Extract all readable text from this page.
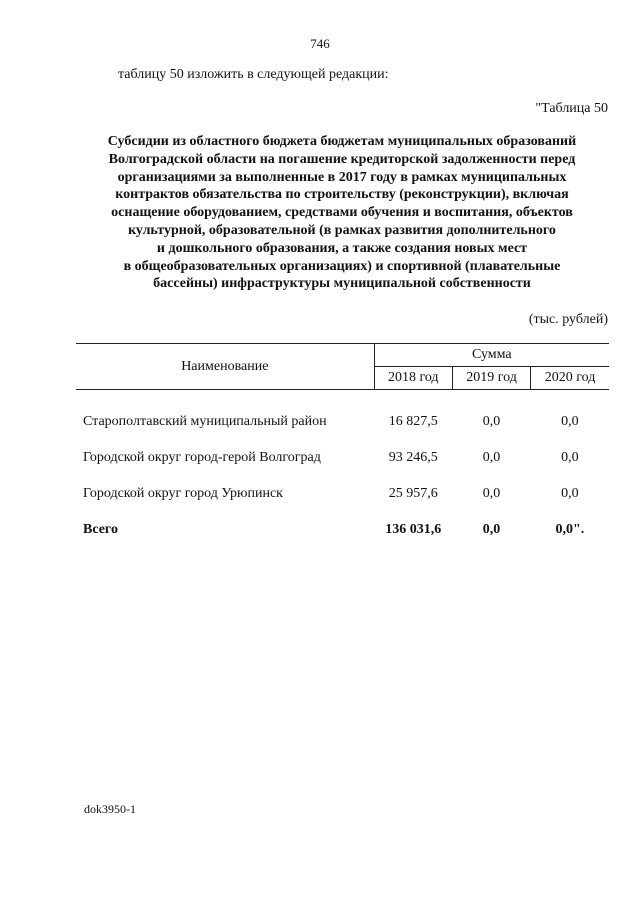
746
таблицу 50 изложить в следующей редакции:
"Таблица 50
Субсидии из областного бюджета бюджетам муниципальных образований
Волгоградской области на погашение кредиторской задолженности перед
организациями за выполненные в 2017 году в рамках муниципальных
контрактов обязательства по строительству (реконструкции), включая
оснащение оборудованием, средствами обучения и воспитания, объектов
культурной, образовательной (в рамках развития дополнительного
и дошкольного образования, а также создания новых мест
в общеобразовательных организациях) и спортивной (плавательные
бассейны) инфраструктуры муниципальной собственности
(тыс. рублей)
Наименование	Сумма		
	2018 год	2019 год	2020 год

Старополтавский муниципальный район	16 827,5	0,0	0,0
Городской округ город-герой Волгоград	93 246,5	0,0	0,0
Городской округ город Урюпинск	25 957,6	0,0	0,0
Всего	136 031,6	0,0	0,0".
dok3950-1
